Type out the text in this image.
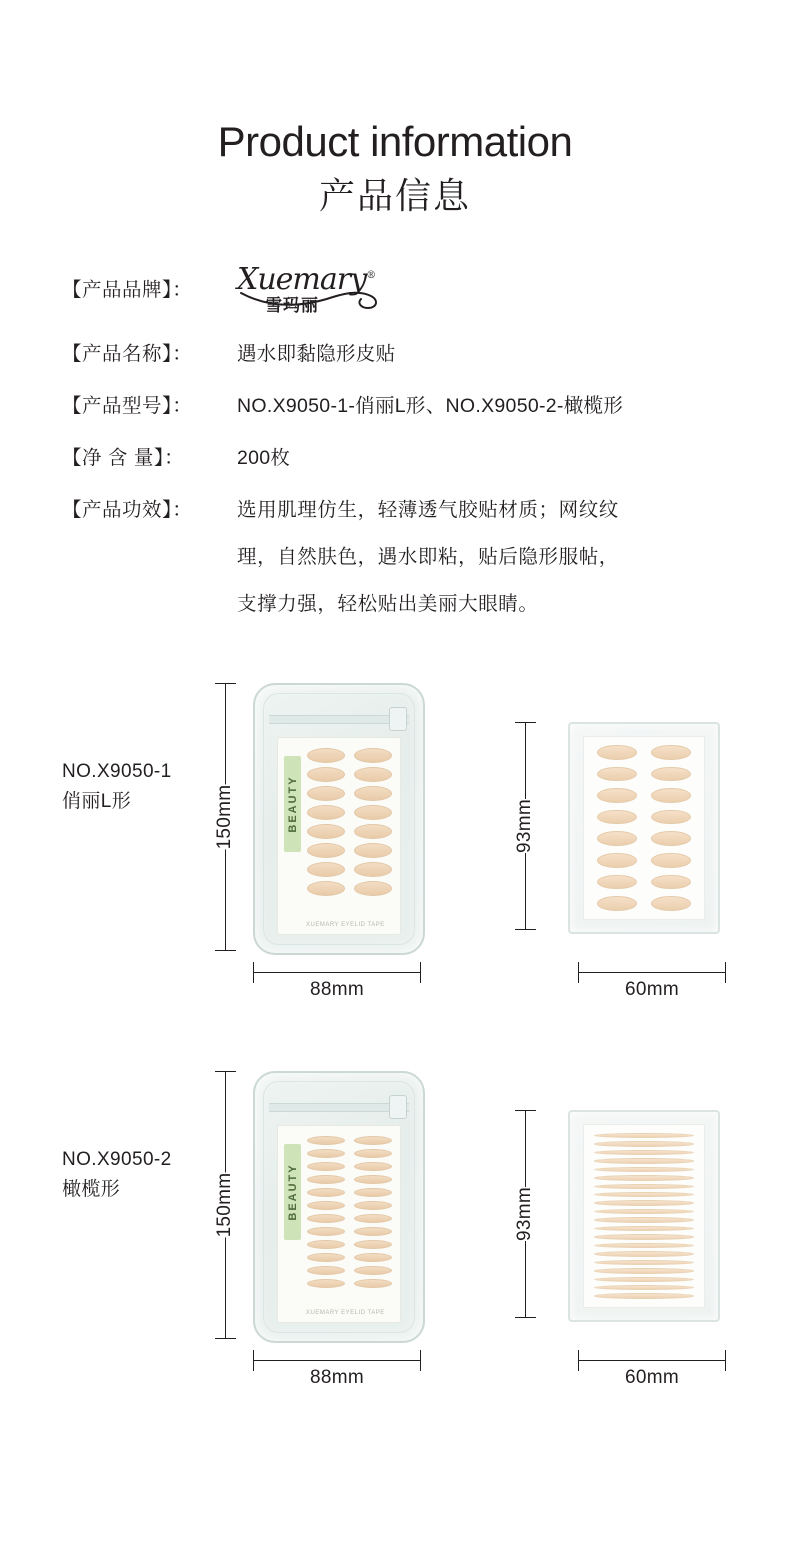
Product information
产品信息
【产品品牌】：	Xuemary®
雪玛丽
【产品名称】：	遇水即黏隐形皮贴
【产品型号】：	NO.X9050-1-俏丽L形、NO.X9050-2-橄榄形
【净 含 量】：	200枚
【产品功效】：	选用肌理仿生，轻薄透气胶贴材质；网纹纹

理，自然肤色，遇水即粘，贴后隐形服帖，

支撑力强，轻松贴出美丽大眼睛。

NO.X9050-1
俏丽L形	150mm	BEAUTY
XUEMARY EYELID TAPE
88mm
93mm
60mm
NO.X9050-2
橄榄形	150mm	BEAUTY
XUEMARY EYELID TAPE
88mm
93mm
60mm
